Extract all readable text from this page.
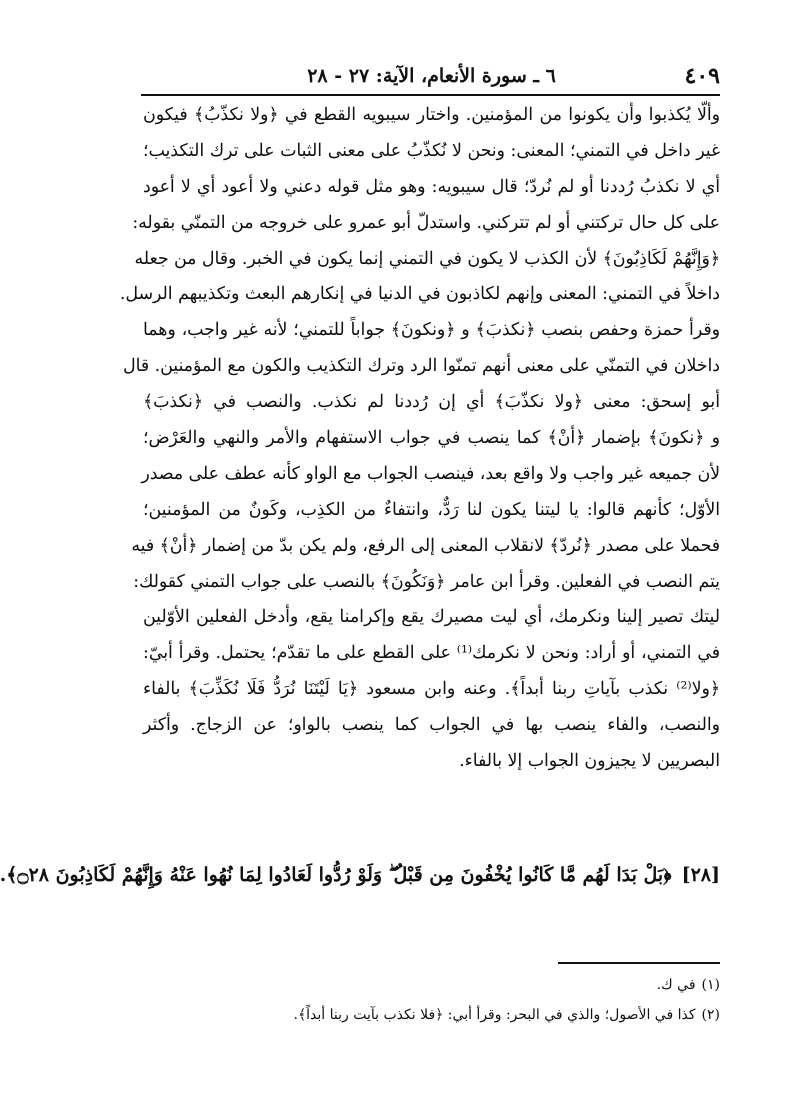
٤٠٩
٦ ـ سورة الأنعام، الآية: ٢٧ - ٢٨
وألّا يُكذبوا وأن يكونوا من المؤمنين. واختار سيبويه القطع في ﴿ولا نكذّبُ﴾ فيكون
غير داخل في التمني؛ المعنى: ونحن لا نُكذّبُ على معنى الثبات على ترك التكذيب؛
أي لا نكذبُ رُددنا أو لم نُردّ؛ قال سيبويه: وهو مثل قوله دعني ولا أعود أي لا أعود
على كل حال تركتني أو لم تتركني. واستدلّ أبو عمرو على خروجه من التمنّي بقوله:
﴿وَإِنَّهُمْ لَكَاذِبُونَ﴾ لأن الكذب لا يكون في التمني إنما يكون في الخبر. وقال من جعله
داخلاً في التمني: المعنى وإنهم لكاذبون في الدنيا في إنكارهم البعث وتكذيبهم الرسل.
وقرأ حمزة وحفص بنصب ﴿نكذبَ﴾ و ﴿ونكونَ﴾ جواباً للتمني؛ لأنه غير واجب، وهما
داخلان في التمنّي على معنى أنهم تمنّوا الرد وترك التكذيب والكون مع المؤمنين. قال
أبو إسحق: معنى ﴿ولا نكذّبَ﴾ أي إن رُددنا لم نكذب. والنصب في ﴿نكذبَ﴾
و ﴿نكونَ﴾ بإضمار ﴿أنْ﴾ كما ينصب في جواب الاستفهام والأمر والنهي والعَرْض؛
لأن جميعه غير واجب ولا واقع بعد، فينصب الجواب مع الواو كأنه عطف على مصدر
الأوّل؛ كأنهم قالوا: يا ليتنا يكون لنا رَدٌّ، وانتفاءٌ من الكذِب، وكَونٌ من المؤمنين؛
فحملا على مصدر ﴿نُردّ﴾ لانقلاب المعنى إلى الرفع، ولم يكن بدّ من إضمار ﴿أنْ﴾ فيه
يتم النصب في الفعلين. وقرأ ابن عامر ﴿وَنَكُونَ﴾ بالنصب على جواب التمني كقولك:
ليتك تصير إلينا ونكرمك، أي ليت مصيرك يقع وإكرامنا يقع، وأدخل الفعلين الأوّلين
في التمني، أو أراد: ونحن لا نكرمك⁽¹⁾ على القطع على ما تقدّم؛ يحتمل. وقرأ أبيّ:
﴿ولا⁽²⁾ نكذب بآياتِ ربنا أبداً﴾. وعنه وابن مسعود ﴿يَا لَيْتَنَا نُرَدُّ فَلَا نُكَذِّبَ﴾ بالفاء
والنصب، والفاء ينصب بها في الجواب كما ينصب بالواو؛ عن الزجاج. وأكثر
البصريين لا يجيزون الجواب إلا بالفاء.
[٢٨]
﴿بَلْ بَدَا لَهُم مَّا كَانُوا يُخْفُونَ مِن قَبْلُ ۖ وَلَوْ رُدُّوا لَعَادُوا لِمَا نُهُوا عَنْهُ وَإِنَّهُمْ لَكَاذِبُونَ ۝٢٨﴾.
(١)في ك.
(٢)كذا في الأصول؛ والذي في البحر: وقرأ أبي: ﴿فلا نكذب بآيت ربنا أبداً﴾.
